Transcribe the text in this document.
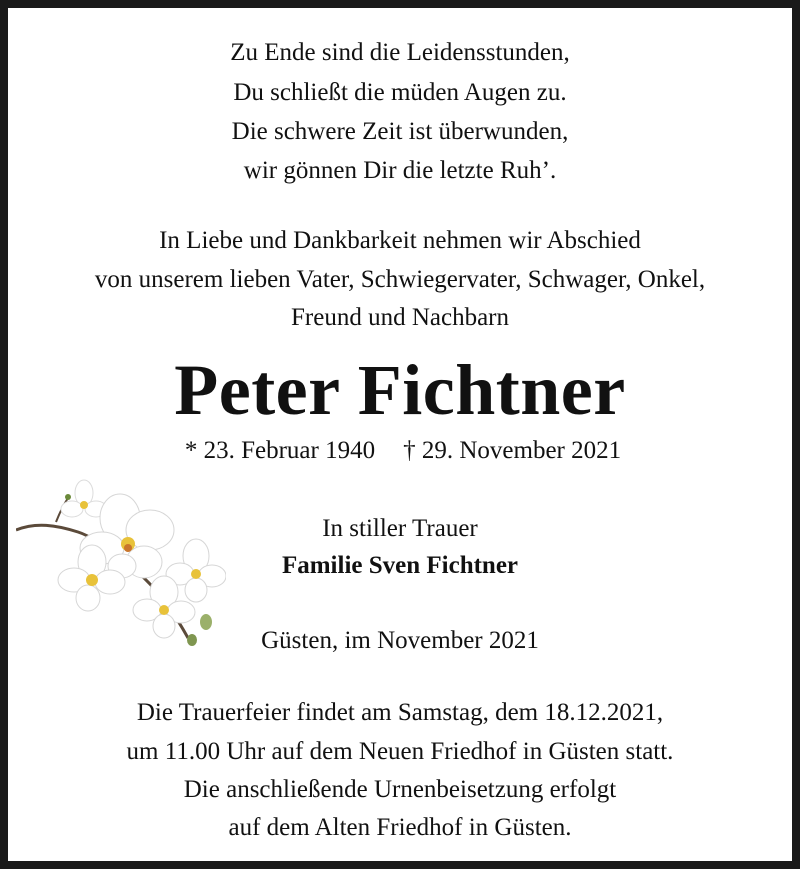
Zu Ende sind die Leidensstunden,
Du schließt die müden Augen zu.
Die schwere Zeit ist überwunden,
wir gönnen Dir die letzte Ruh’.
In Liebe und Dankbarkeit nehmen wir Abschied
von unserem lieben Vater, Schwiegervater, Schwager, Onkel,
Freund und Nachbarn
Peter Fichtner
* 23. Februar 1940 † 29. November 2021
In stiller Trauer
Familie Sven Fichtner
Güsten, im November 2021
Die Trauerfeier findet am Samstag, dem 18.12.2021,
um 11.00 Uhr auf dem Neuen Friedhof in Güsten statt.
Die anschließende Urnenbeisetzung erfolgt
auf dem Alten Friedhof in Güsten.
